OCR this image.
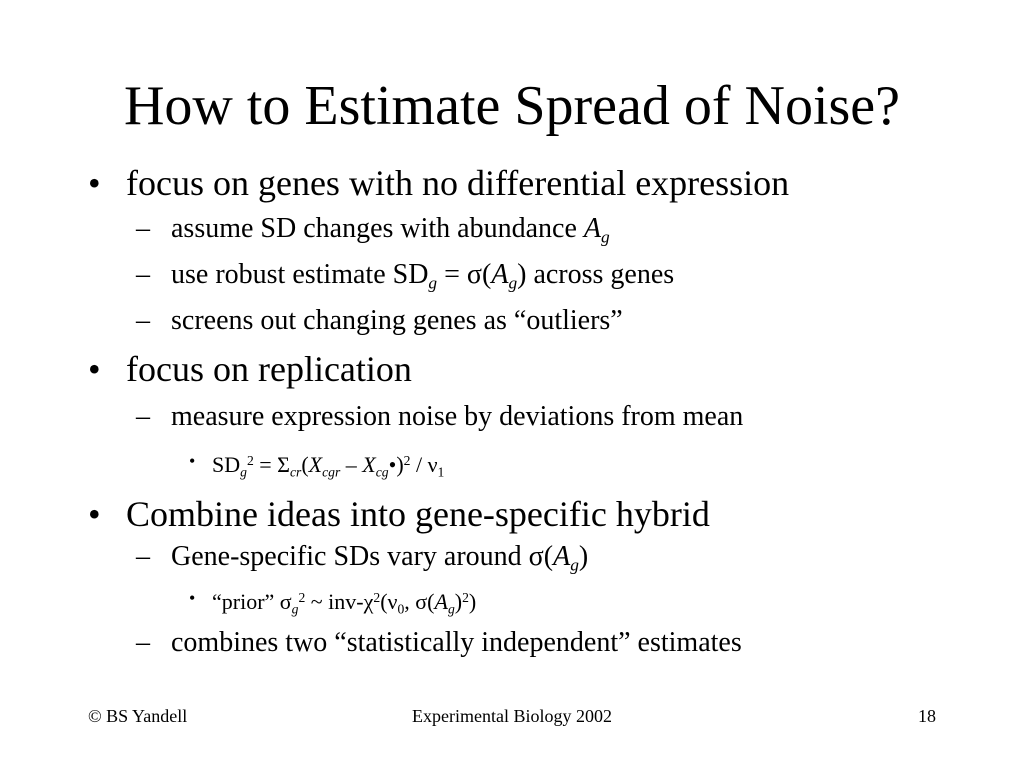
How to Estimate Spread of Noise?
• focus on genes with no differential expression
– assume SD changes with abundance $A_g$
– use robust estimate $SD_g = \sigma(A_g)$ across genes
– screens out changing genes as “outliers”
• focus on replication
– measure expression noise by deviations from mean
• $SD_g^2 = \Sigma_{cr}(X_{cgr}$ – $X_{cg}•)^2 / \nu_1$
• Combine ideas into gene-specific hybrid
– Gene-specific SDs vary around $\sigma(A_g)$
• “prior” $\sigma_g^2$ ~ inv-$\chi^2(\nu_0$, $\sigma(A_g)^2$)
– combines two “statistically independent” estimates
© BS Yandell	Experimental Biology 2002	18
